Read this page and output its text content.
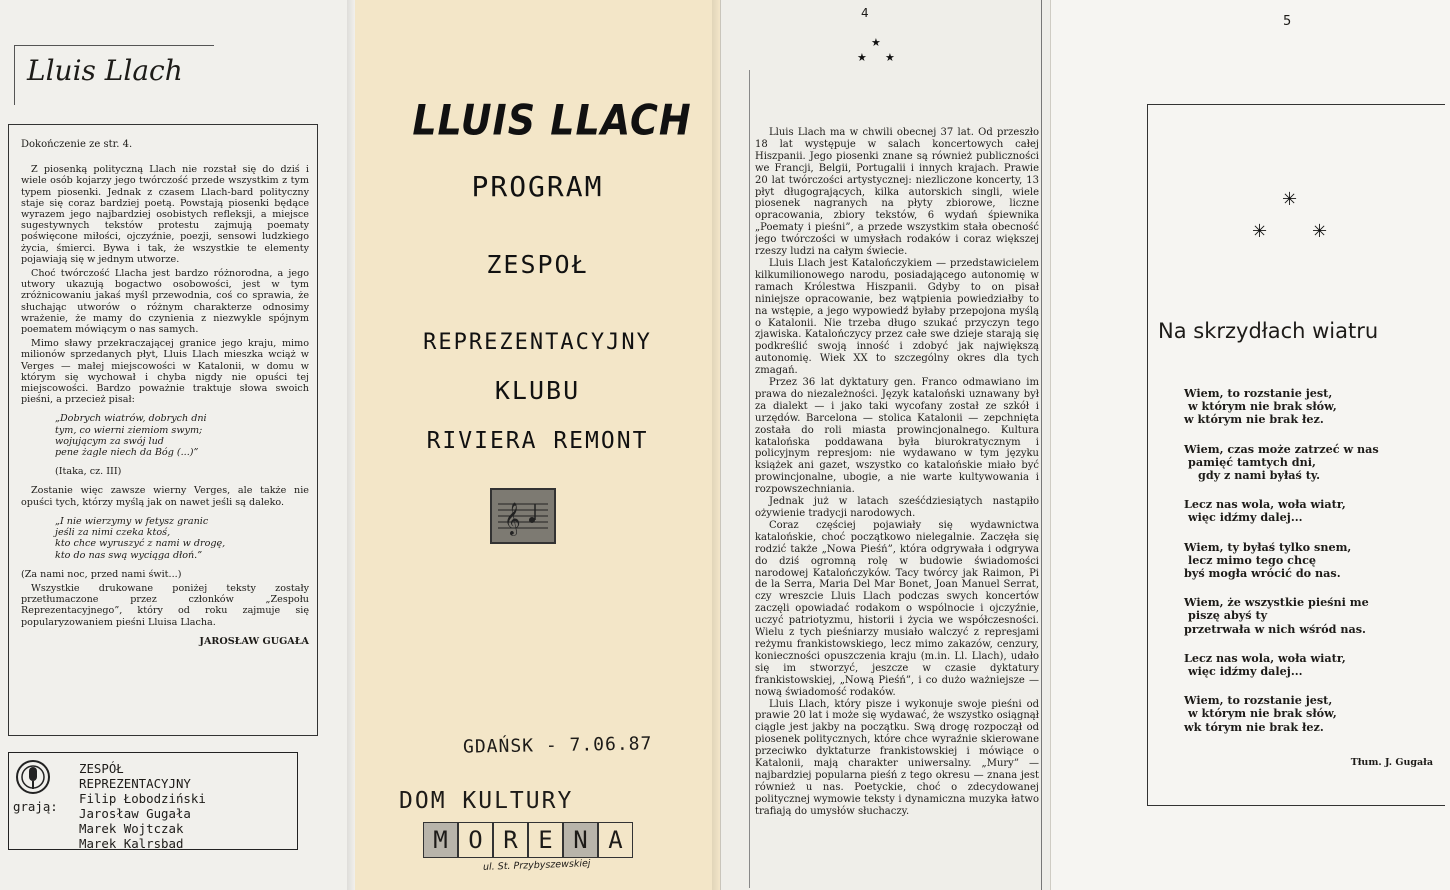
Lluis Llach

Dokończenie ze str. 4.

Z piosenką polityczną Llach nie rozstał się do dziś i wiele osób kojarzy jego twórczość przede wszystkim z tym typem piosenki. Jednak z czasem Llach-bard polityczny staje się coraz bardziej poetą. Powstają piosenki będące wyrazem jego najbardziej osobistych refleksji, a miejsce sugestywnych tekstów protestu zajmują poematy poświęcone miłości, ojczyźnie, poezji, sensowi ludzkiego życia, śmierci. Bywa i tak, że wszystkie te elementy pojawiają się w jednym utworze.

Choć twórczość Llacha jest bardzo różnorodna, a jego utwory ukazują bogactwo osobowości, jest w tym zróżnicowaniu jakaś myśl przewodnia, coś co sprawia, że słuchając utworów o różnym charakterze odnosimy wrażenie, że mamy do czynienia z niezwykle spójnym poematem mówiącym o nas samych.

Mimo sławy przekraczającej granice jego kraju, mimo milionów sprzedanych płyt, Lluis Llach mieszka wciąż w Verges — małej miejscowości w Katalonii, w domu w którym się wychował i chyba nigdy nie opuści tej miejscowości. Bardzo poważnie traktuje słowa swoich pieśni, a przecież pisał:

„Dobrych wiatrów, dobrych dni
tym, co wierni ziemiom swym;
wojującym za swój lud
pene żagle niech da Bóg (...)”

(Itaka, cz. III)

Zostanie więc zawsze wierny Verges, ale także nie opuści tych, którzy myślą jak on nawet jeśli są daleko.

„I nie wierzymy w fetysz granic
jeśli za nimi czeka ktoś,
kto chce wyruszyć z nami w drogę,
kto do nas swą wyciąga dłoń.”

(Za nami noc, przed nami świt...)

Wszystkie drukowane poniżej teksty zostały przetłumaczone przez członków „Zespołu Reprezentacyjnego”, który od roku zajmuje się popularyzowaniem pieśni Lluisa Llacha.

JAROSŁAW GUGAŁA

grają:
ZESPÓŁ
REPREZENTACYJNY
Filip Łobodziński
Jarosław Gugała
Marek Wojtczak
Marek Kalrsbad
LLUIS LLACH
PROGRAM
ZESPOŁ
REPREZENTACYJNY
KLUBU
RIVIERA REMONT
𝄞
GDAŃSK - 7.06.87
DOM KULTURY
M O R E N A
ul. St. Przybyszewskiej
4
★
★ ★

Lluis Llach ma w chwili obecnej 37 lat. Od przeszło 18 lat występuje w salach koncertowych całej Hiszpanii. Jego piosenki znane są również publiczności we Francji, Belgii, Portugalii i innych krajach. Prawie 20 lat twórczości artystycznej: niezliczone koncerty, 13 płyt długogrających, kilka autorskich singli, wiele piosenek nagranych na płyty zbiorowe, liczne opracowania, zbiory tekstów, 6 wydań śpiewnika „Poematy i pieśni”, a przede wszystkim stała obecność jego twórczości w umysłach rodaków i coraz większej rzeszy ludzi na całym świecie.

Lluis Llach jest Katalończykiem — przedstawicielem kilkumilionowego narodu, posiadającego autonomię w ramach Królestwa Hiszpanii. Gdyby to on pisał niniejsze opracowanie, bez wątpienia powiedziałby to na wstępie, a jego wypowiedź byłaby przepojona myślą o Katalonii. Nie trzeba długo szukać przyczyn tego zjawiska. Katalończycy przez całe swe dzieje starają się podkreślić swoją inność i zdobyć jak największą autonomię. Wiek XX to szczególny okres dla tych zmagań.

Przez 36 lat dyktatury gen. Franco odmawiano im prawa do niezależności. Język kataloński uznawany był za dialekt — i jako taki wycofany został ze szkół i urzędów. Barcelona — stolica Katalonii — zepchnięta została do roli miasta prowincjonalnego. Kultura katalońska poddawana była biurokratycznym i policyjnym represjom: nie wydawano w tym języku książek ani gazet, wszystko co katalońskie miało być prowincjonalne, ubogie, a nie warte kultywowania i rozpowszechniania.

Jednak już w latach sześćdziesiątych nastąpiło ożywienie tradycji narodowych.

Coraz częściej pojawiały się wydawnictwa katalońskie, choć początkowo nielegalnie. Zaczęła się rodzić także „Nowa Pieśń”, która odgrywała i odgrywa do dziś ogromną rolę w budowie świadomości narodowej Katalończyków. Tacy twórcy jak Raimon, Pi de la Serra, Maria Del Mar Bonet, Joan Manuel Serrat, czy wreszcie Lluis Llach podczas swych koncertów zaczęli opowiadać rodakom o wspólnocie i ojczyźnie, uczyć patriotyzmu, historii i życia we współczesności. Wielu z tych pieśniarzy musiało walczyć z represjami reżymu frankistowskiego, lecz mimo zakazów, cenzury, konieczności opuszczenia kraju (m.in. Ll. Llach), udało się im stworzyć, jeszcze w czasie dyktatury frankistowskiej, „Nową Pieśń”, i co dużo ważniejsze — nową świadomość rodaków.

Lluis Llach, który pisze i wykonuje swoje pieśni od prawie 20 lat i może się wydawać, że wszystko osiągnął ciągle jest jakby na początku. Swą drogę rozpoczął od piosenek politycznych, które chce wyraźnie skierowane przeciwko dyktaturze frankistowskiej i mówiące o Katalonii, mają charakter uniwersalny. „Mury” — najbardziej popularna pieśń z tego okresu — znana jest również u nas. Poetyckie, choć o zdecydowanej politycznej wymowie teksty i dynamiczna muzyka łatwo trafiają do umysłów słuchaczy.

5
✳
✳ ✳
Na skrzydłach wiatru
Wiem, to rozstanie jest,
w którym nie brak słów,
w którym nie brak łez.
Wiem, czas może zatrzeć w nas
pamięć tamtych dni,
gdy z nami byłaś ty.
Lecz nas wola, woła wiatr,
więc idźmy dalej...
Wiem, ty byłaś tylko snem,
lecz mimo tego chcę
byś mogła wrócić do nas.
Wiem, że wszystkie pieśni me
piszę abyś ty
przetrwała w nich wśród nas.
Lecz nas wola, woła wiatr,
więc idźmy dalej...
Wiem, to rozstanie jest,
w którym nie brak słów,
wk tórym nie brak łez.
Tłum. J. Gugała
